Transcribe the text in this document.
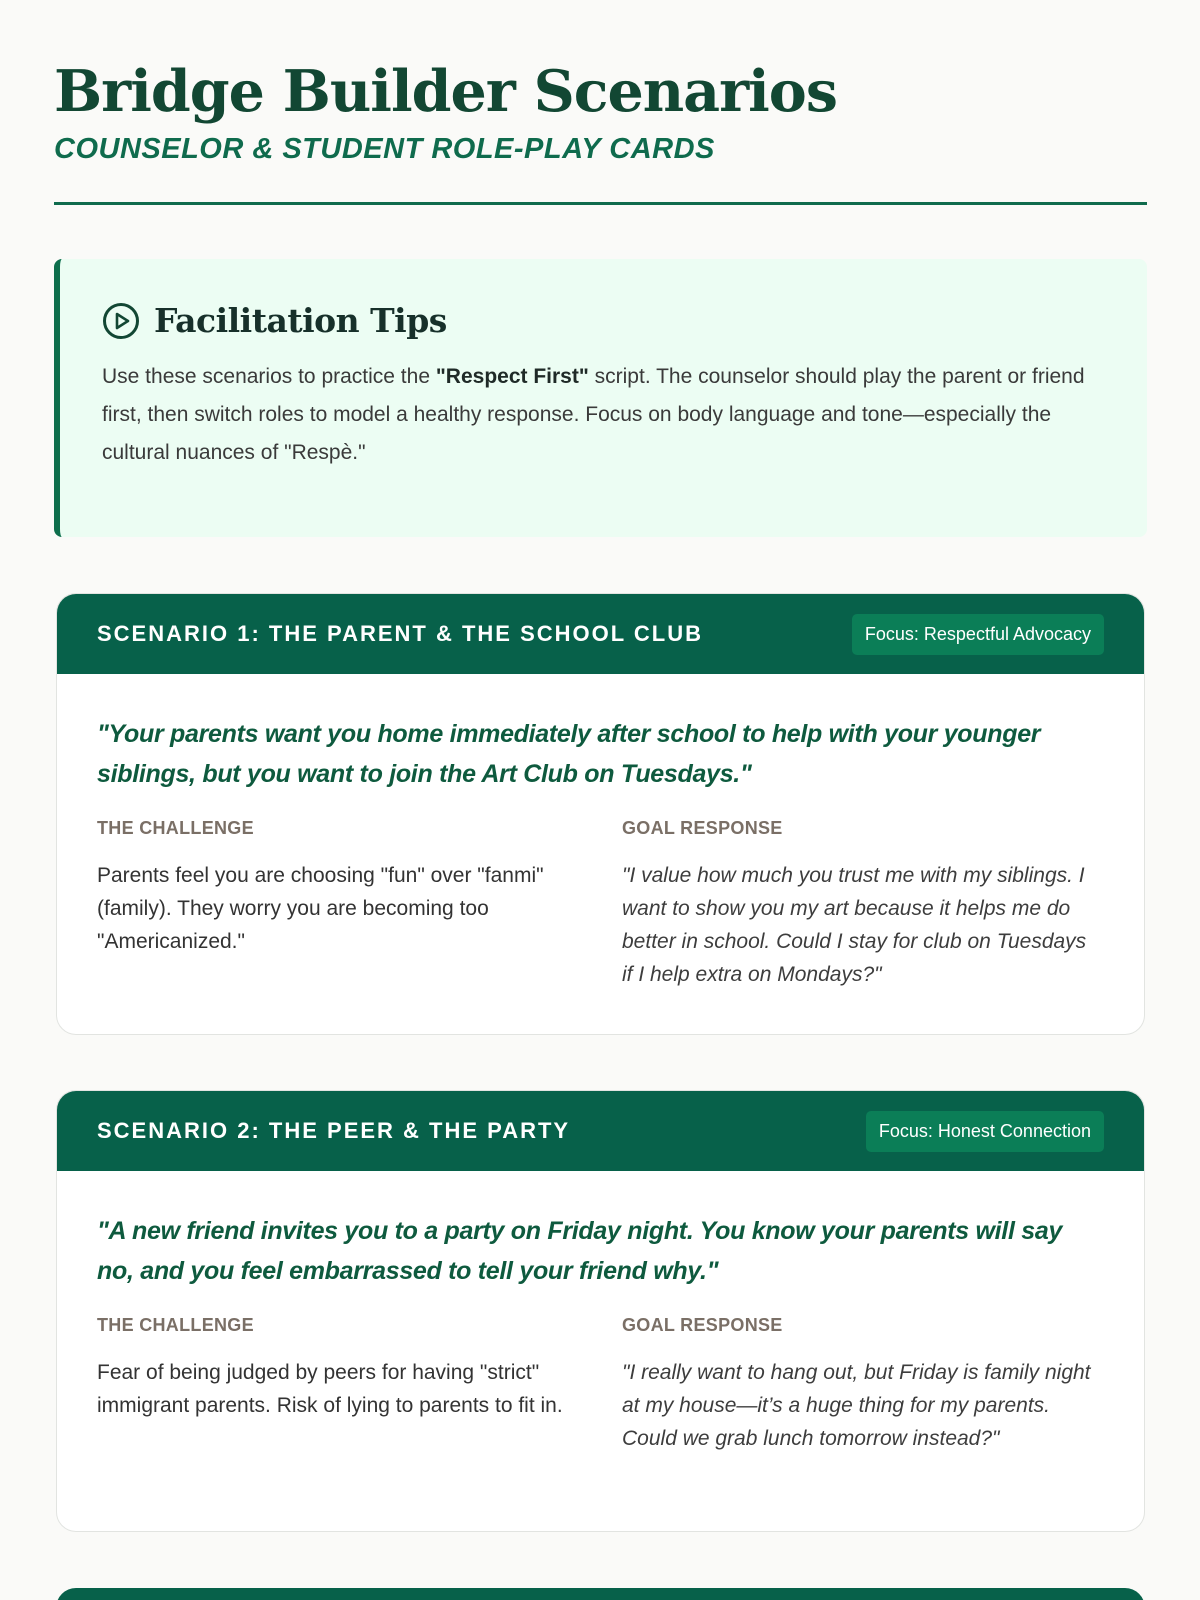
Bridge Builder Scenarios
COUNSELOR & STUDENT ROLE-PLAY CARDS
Facilitation Tips
Use these scenarios to practice the "Respect First" script. The counselor should play the parent or friend first, then switch roles to model a healthy response. Focus on body language and tone—especially the cultural nuances of "Respè."
SCENARIO 1: THE PARENT & THE SCHOOL CLUB	Focus: Respectful Advocacy
"Your parents want you home immediately after school to help with your younger siblings, but you want to join the Art Club on Tuesdays."
THE CHALLENGE
Parents feel you are choosing "fun" over "fanmi" (family). They worry you are becoming too "Americanized."
GOAL RESPONSE
"I value how much you trust me with my siblings. I want to show you my art because it helps me do better in school. Could I stay for club on Tuesdays if I help extra on Mondays?"
SCENARIO 2: THE PEER & THE PARTY	Focus: Honest Connection
"A new friend invites you to a party on Friday night. You know your parents will say no, and you feel embarrassed to tell your friend why."
THE CHALLENGE
Fear of being judged by peers for having "strict" immigrant parents. Risk of lying to parents to fit in.
GOAL RESPONSE
"I really want to hang out, but Friday is family night at my house—it’s a huge thing for my parents. Could we grab lunch tomorrow instead?"
